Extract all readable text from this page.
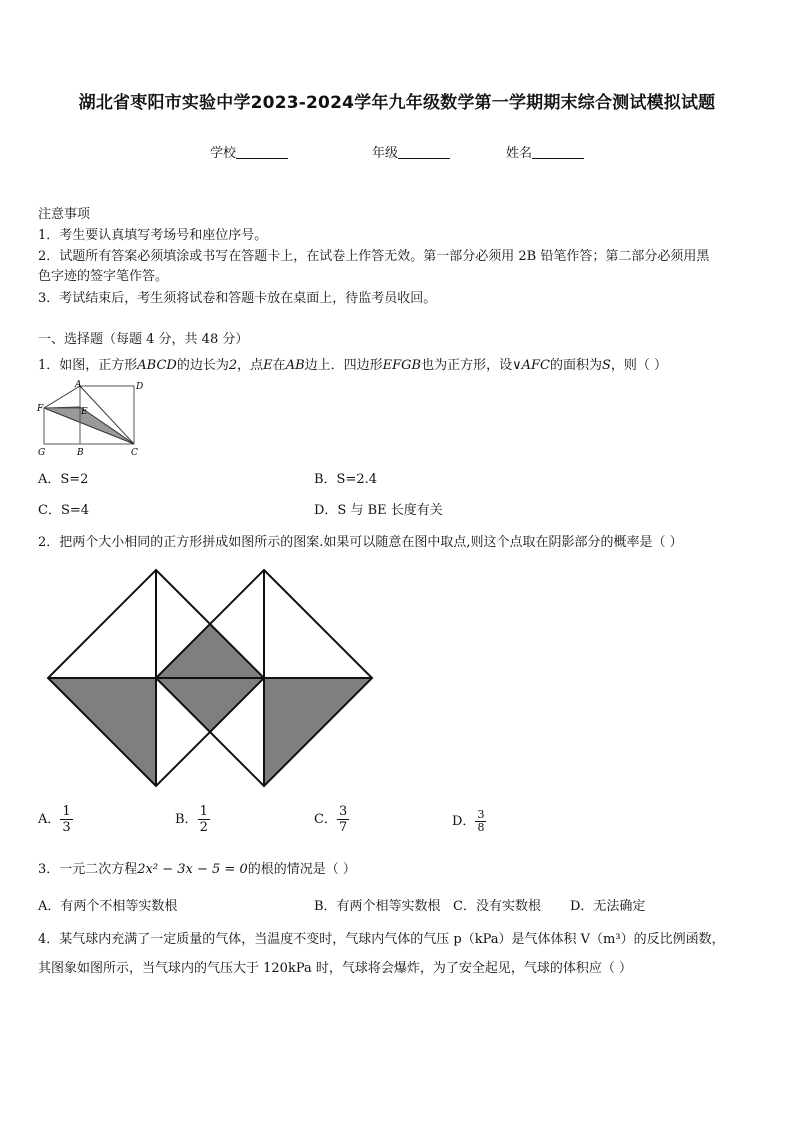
湖北省枣阳市实验中学2023-2024学年九年级数学第一学期期末综合测试模拟试题
学校	年级	姓名
注意事项
1．考生要认真填写考场号和座位序号。
2．试题所有答案必须填涂或书写在答题卡上，在试卷上作答无效。第一部分必须用 2B 铅笔作答；第二部分必须用黑
色字迹的签字笔作答。
3．考试结束后，考生须将试卷和答题卡放在桌面上，待监考员收回。
一、选择题（每题 4 分，共 48 分）
1．如图，正方形ABCD的边长为2，点E在AB边上．四边形EFGB也为正方形，设∨AFC的面积为S，则（ ）
A	D
F	E
G	B	C
A．S=2	B．S=2.4
C．S=4	D．S 与 BE 长度有关
2．把两个大小相同的正方形拼成如图所示的图案.如果可以随意在图中取点,则这个点取在阴影部分的概率是（ ）
A． $\frac{1}{3}$	B． $\frac{1}{2}$	C． $\frac{3}{7}$	D． $\frac{3}{8}$
3．一元二次方程2x² − 3x − 5 = 0的根的情况是（ ）
A．有两个不相等实数根	B．有两个相等实数根 C．没有实数根 D．无法确定
4．某气球内充满了一定质量的气体，当温度不变时，气球内气体的气压 p（kPa）是气体体积 V（m³）的反比例函数，
其图象如图所示，当气球内的气压大于 120kPa 时，气球将会爆炸，为了安全起见，气球的体积应（ ）
